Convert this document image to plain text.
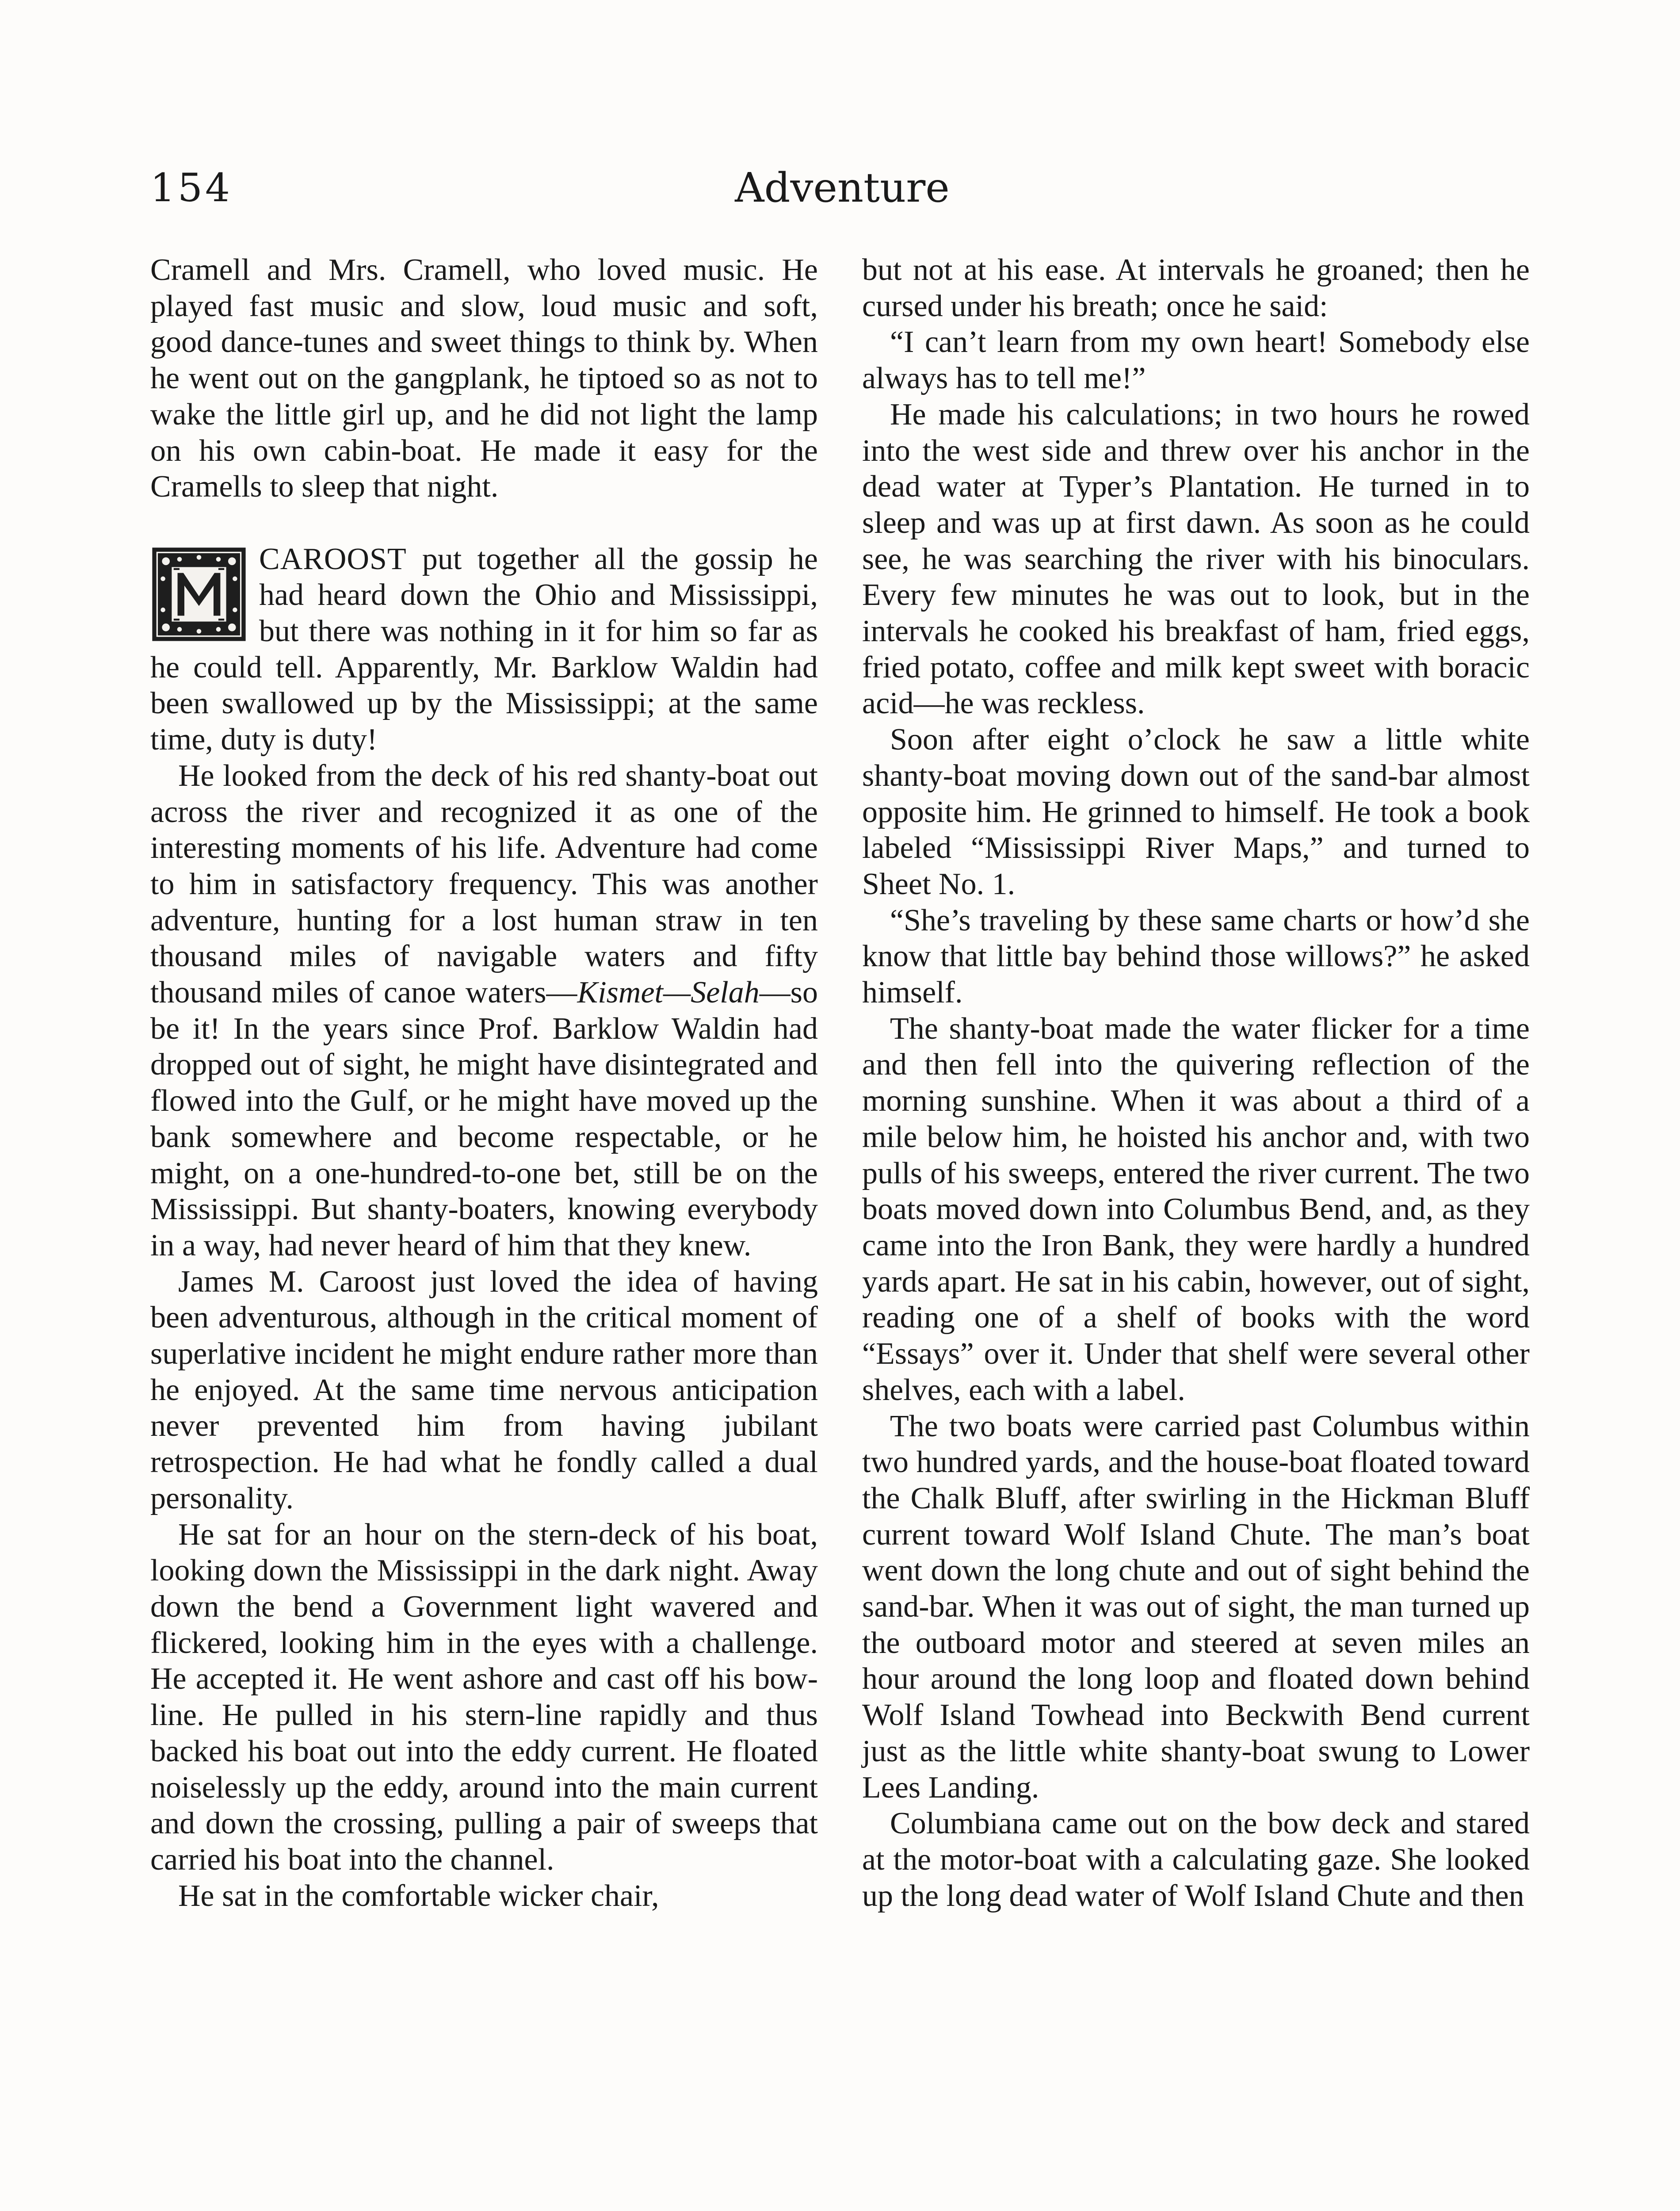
154	Adventure

Cramell and Mrs. Cramell, who loved music. He played fast music and slow, loud music and soft, good dance-tunes and sweet things to think by. When he went out on the gangplank, he tiptoed so as not to wake the little girl up, and he did not light the lamp on his own cabin-boat. He made it easy for the Cramells to sleep that night.

CAROOST put together all the gossip he had heard down the Ohio and Mississippi, but there was nothing in it for him so far as he could tell. Apparently, Mr. Barklow Waldin had been swallowed up by the Mississippi; at the same time, duty is duty!

He looked from the deck of his red shanty-boat out across the river and recognized it as one of the interesting moments of his life. Adventure had come to him in satisfactory frequency. This was another adventure, hunting for a lost human straw in ten thousand miles of navigable waters and fifty thousand miles of canoe waters—Kismet—Selah—so be it! In the years since Prof. Barklow Waldin had dropped out of sight, he might have disintegrated and flowed into the Gulf, or he might have moved up the bank somewhere and become respectable, or he might, on a one-hundred-to-one bet, still be on the Mississippi. But shanty-boaters, knowing everybody in a way, had never heard of him that they knew.

James M. Caroost just loved the idea of having been adventurous, although in the critical moment of superlative incident he might endure rather more than he enjoyed. At the same time nervous anticipation never prevented him from having jubilant retrospection. He had what he fondly called a dual personality.

He sat for an hour on the stern-deck of his boat, looking down the Mississippi in the dark night. Away down the bend a Government light wavered and flickered, looking him in the eyes with a challenge. He accepted it. He went ashore and cast off his bow-line. He pulled in his stern-line rapidly and thus backed his boat out into the eddy current. He floated noiselessly up the eddy, around into the main current and down the crossing, pulling a pair of sweeps that carried his boat into the channel.

He sat in the comfortable wicker chair,

but not at his ease. At intervals he groaned; then he cursed under his breath; once he said:

“I can’t learn from my own heart! Somebody else always has to tell me!”

He made his calculations; in two hours he rowed into the west side and threw over his anchor in the dead water at Typer’s Plantation. He turned in to sleep and was up at first dawn. As soon as he could see, he was searching the river with his binoculars. Every few minutes he was out to look, but in the intervals he cooked his breakfast of ham, fried eggs, fried potato, coffee and milk kept sweet with boracic acid—he was reckless.

Soon after eight o’clock he saw a little white shanty-boat moving down out of the sand-bar almost opposite him. He grinned to himself. He took a book labeled “Mississippi River Maps,” and turned to Sheet No. 1.

“She’s traveling by these same charts or how’d she know that little bay behind those willows?” he asked himself.

The shanty-boat made the water flicker for a time and then fell into the quivering reflection of the morning sunshine. When it was about a third of a mile below him, he hoisted his anchor and, with two pulls of his sweeps, entered the river current. The two boats moved down into Columbus Bend, and, as they came into the Iron Bank, they were hardly a hundred yards apart. He sat in his cabin, however, out of sight, reading one of a shelf of books with the word “Essays” over it. Under that shelf were several other shelves, each with a label.

The two boats were carried past Columbus within two hundred yards, and the house-boat floated toward the Chalk Bluff, after swirling in the Hickman Bluff current toward Wolf Island Chute. The man’s boat went down the long chute and out of sight behind the sand-bar. When it was out of sight, the man turned up the outboard motor and steered at seven miles an hour around the long loop and floated down behind Wolf Island Towhead into Beckwith Bend current just as the little white shanty-boat swung to Lower Lees Landing.

Columbiana came out on the bow deck and stared at the motor-boat with a calculating gaze. She looked up the long dead water of Wolf Island Chute and then
